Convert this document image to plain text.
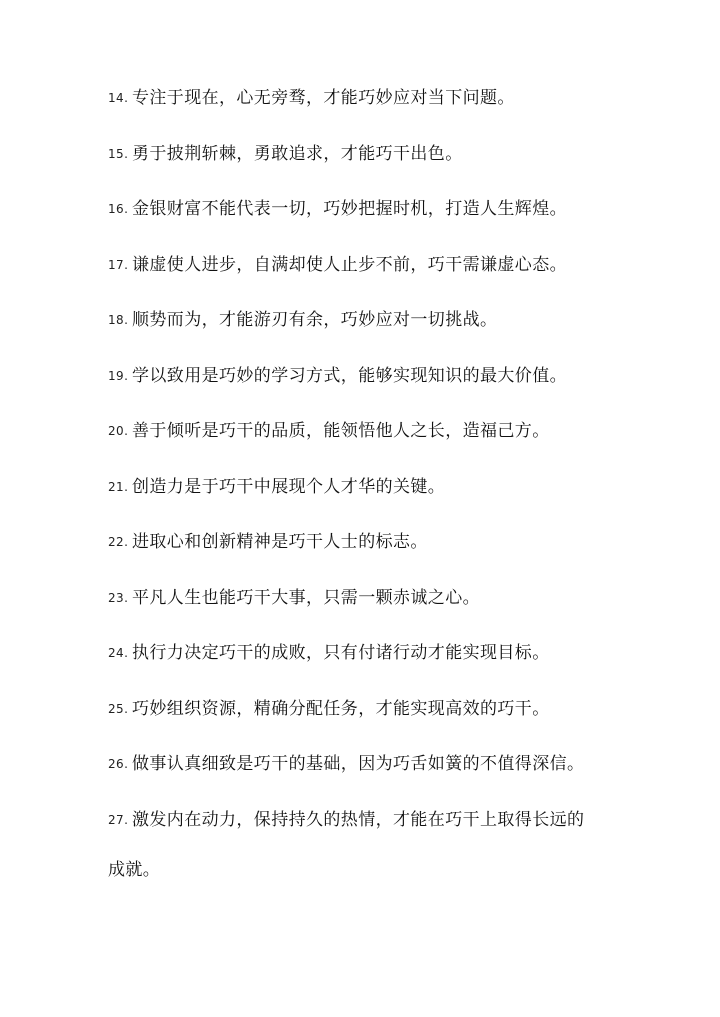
14. 专注于现在，心无旁骛，才能巧妙应对当下问题。
15. 勇于披荆斩棘，勇敢追求，才能巧干出色。
16. 金银财富不能代表一切，巧妙把握时机，打造人生辉煌。
17. 谦虚使人进步，自满却使人止步不前，巧干需谦虚心态。
18. 顺势而为，才能游刃有余，巧妙应对一切挑战。
19. 学以致用是巧妙的学习方式，能够实现知识的最大价值。
20. 善于倾听是巧干的品质，能领悟他人之长，造福己方。
21. 创造力是于巧干中展现个人才华的关键。
22. 进取心和创新精神是巧干人士的标志。
23. 平凡人生也能巧干大事，只需一颗赤诚之心。
24. 执行力决定巧干的成败，只有付诸行动才能实现目标。
25. 巧妙组织资源，精确分配任务，才能实现高效的巧干。
26. 做事认真细致是巧干的基础，因为巧舌如簧的不值得深信。
27. 激发内在动力，保持持久的热情，才能在巧干上取得长远的
成就。
